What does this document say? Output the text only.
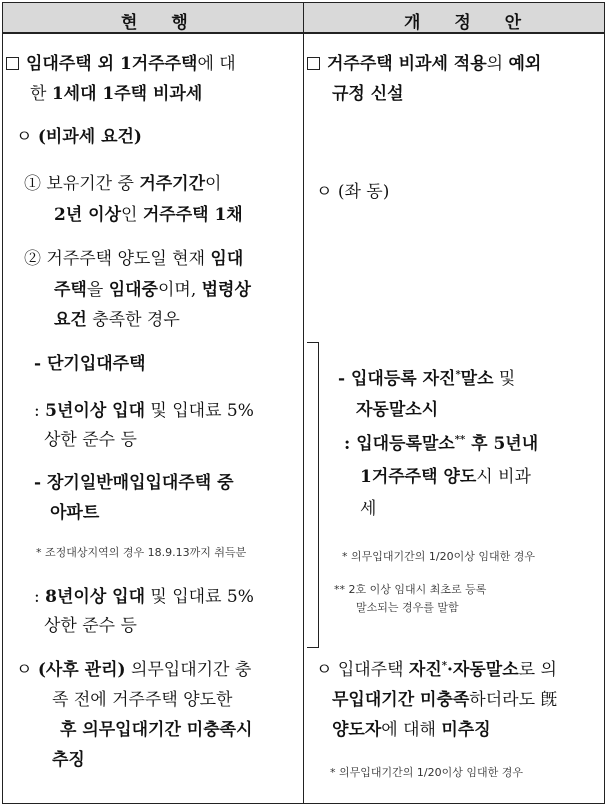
현 행	개 정 안
임대주택 외 1거주주택에 대
한 1세대 1주택 비과세
ㅇ (비과세 요건)
① 보유기간 중 거주기간이
2년 이상인 거주주택 1채
② 거주주택 양도일 현재 임대
주택을 임대중이며, 법령상
요건 충족한 경우
- 단기입대주택
: 5년이상 입대 및 입대료 5%
상한 준수 등
- 장기일반매입입대주택 중
아파트
* 조정대상지역의 경우 18.9.13까지 취득분
: 8년이상 입대 및 입대료 5%
상한 준수 등
ㅇ (사후 관리) 의무입대기간 충
족 전에 거주주택 양도한
후 의무입대기간 미충족시
추징
거주주택 비과세 적용의 예외
규정 신설
ㅇ (좌 동)
- 입대등록 자진*말소 및
자동말소시
: 입대등록말소** 후 5년내
1거주주택 양도시 비과
세
* 의무입대기간의 1/20이상 임대한 경우
** 2호 이상 임대시 최초로 등록
말소되는 경우를 말함
ㅇ 입대주택 자진*·자동말소로 의
무입대기간 미충족하더라도 旣
양도자에 대해 미추징
* 의무입대기간의 1/20이상 임대한 경우
